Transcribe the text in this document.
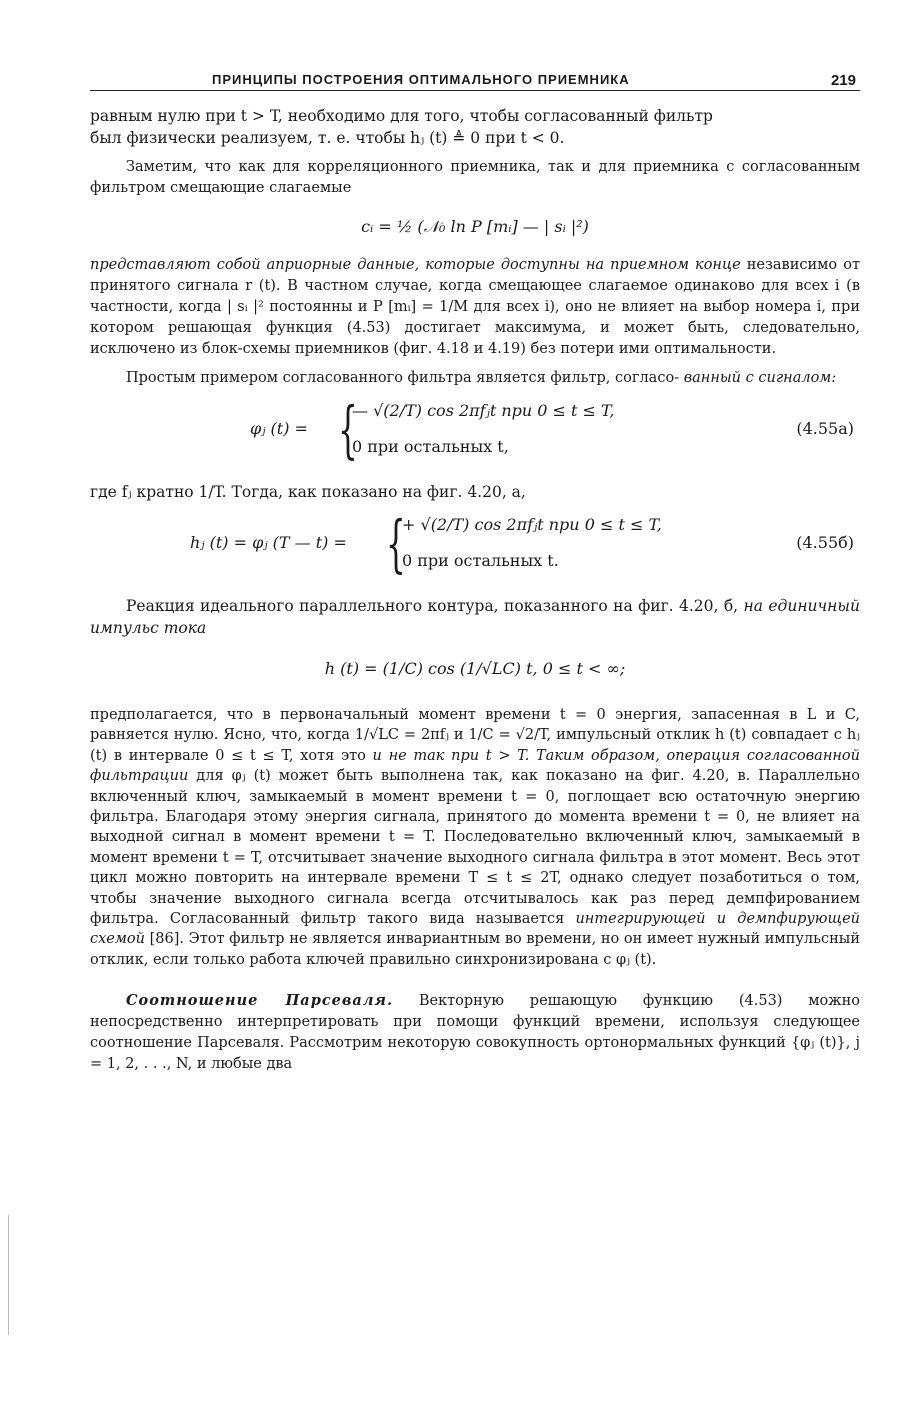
ПРИНЦИПЫ ПОСТРОЕНИЯ ОПТИМАЛЬНОГО ПРИЕМНИКА	219

равным нулю при t > T, необходимо для того, чтобы согласованный фильтр
был физически реализуем, т. е. чтобы hⱼ (t) ≜ 0 при t < 0.

Заметим, что как для корреляционного приемника, так и для приемника с согласованным фильтром смещающие слагаемые

cᵢ = ½ (𝒩₀ ln P [mᵢ] — | sᵢ |²)

представляют собой априорные данные, которые доступны на приемном конце независимо от принятого сигнала r (t). В частном случае, когда смещающее слагаемое одинаково для всех i (в частности, когда | sᵢ |² постоянны и P [mᵢ] = 1/M для всех i), оно не влияет на выбор номера i, при котором решающая функция (4.53) достигает максимума, и может быть, следовательно, исключено из блок-схемы приемников (фиг. 4.18 и 4.19) без потери ими оптимальности.

Простым примером согласованного фильтра является фильтр, согласо- ванный с сигналом:

φⱼ (t) = {
— √(2/T) cos 2πfⱼt при 0 ≤ t ≤ T,
0 при остальных t,
(4.55а)

где fⱼ кратно 1/T. Тогда, как показано на фиг. 4.20, а,

hⱼ (t) = φⱼ (T — t) = {
+ √(2/T) cos 2πfⱼt при 0 ≤ t ≤ T,
0 при остальных t.
(4.55б)

Реакция идеального параллельного контура, показанного на фиг. 4.20, б, на единичный импульс тока

h (t) = (1/C) cos (1/√LC) t, 0 ≤ t < ∞;

предполагается, что в первоначальный момент времени t = 0 энергия, запасенная в L и C, равняется нулю. Ясно, что, когда 1/√LC = 2πfⱼ и 1/C = √2/T, импульсный отклик h (t) совпадает с hⱼ (t) в интервале 0 ≤ t ≤ T, хотя это и не так при t > T. Таким образом, операция согласованной фильтрации для φⱼ (t) может быть выполнена так, как показано на фиг. 4.20, в. Параллельно включенный ключ, замыкаемый в момент времени t = 0, поглощает всю остаточную энергию фильтра. Благодаря этому энергия сигнала, принятого до момента времени t = 0, не влияет на выходной сигнал в момент времени t = T. Последовательно включенный ключ, замыкаемый в момент времени t = T, отсчитывает значение выходного сигнала фильтра в этот момент. Весь этот цикл можно повторить на интервале времени T ≤ t ≤ 2T, однако следует позаботиться о том, чтобы значение выходного сигнала всегда отсчитывалось как раз перед демпфированием фильтра. Согласованный фильтр такого вида называется интегрирующей и демпфирующей схемой [86]. Этот фильтр не является инвариантным во времени, но он имеет нужный импульсный отклик, если только работа ключей правильно синхронизирована с φⱼ (t).

Соотношение Парсеваля. Векторную решающую функцию (4.53) можно непосредственно интерпретировать при помощи функций времени, используя следующее соотношение Парсеваля. Рассмотрим некоторую совокупность ортонормальных функций {φⱼ (t)}, j = 1, 2, . . ., N, и любые два
